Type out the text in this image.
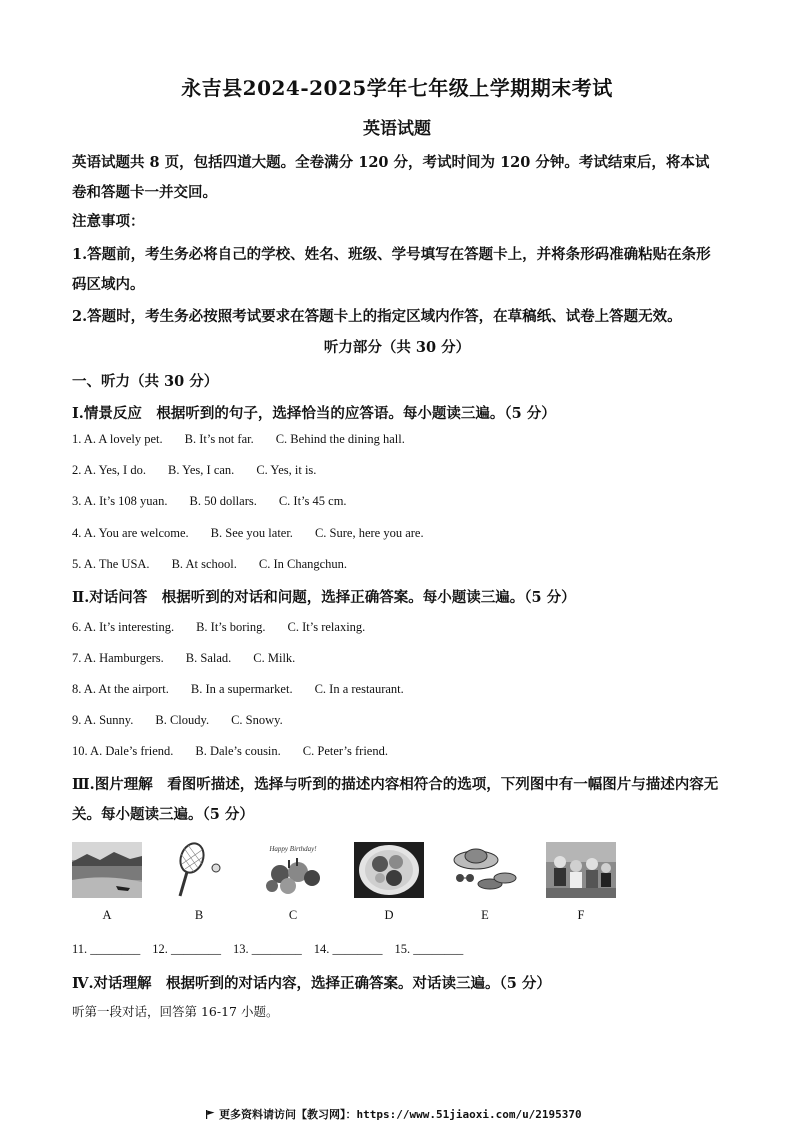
永吉县2024-2025学年七年级上学期期末考试
英语试题
英语试题共 8 页，包括四道大题。全卷满分 120 分，考试时间为 120 分钟。考试结束后，将本试卷和答题卡一并交回。
注意事项：
1.答题前，考生务必将自己的学校、姓名、班级、学号填写在答题卡上，并将条形码准确粘贴在条形码区域内。
2.答题时，考生务必按照考试要求在答题卡上的指定区域内作答，在草稿纸、试卷上答题无效。
听力部分（共 30 分）
一、听力（共 30 分）
Ⅰ.情景反应　根据听到的句子，选择恰当的应答语。每小题读三遍。（5 分）
1. A. A lovely pet. B. It’s not far. C. Behind the dining hall.
2. A. Yes, I do. B. Yes, I can. C. Yes, it is.
3. A. It’s 108 yuan. B. 50 dollars. C. It’s 45 cm.
4. A. You are welcome. B. See you later. C. Sure, here you are.
5. A. The USA. B. At school. C. In Changchun.
Ⅱ.对话问答　根据听到的对话和问题，选择正确答案。每小题读三遍。（5 分）
6. A. It’s interesting. B. It’s boring. C. It’s relaxing.
7. A. Hamburgers. B. Salad. C. Milk.
8. A. At the airport. B. In a supermarket. C. In a restaurant.
9. A. Sunny. B. Cloudy. C. Snowy.
10. A. Dale’s friend. B. Dale’s cousin. C. Peter’s friend.
Ⅲ.图片理解　看图听描述，选择与听到的描述内容相符合的选项，下列图中有一幅图片与描述内容无关。每小题读三遍。（5 分）
A	B
Happy Birthday!
C	D	E	F
11. ________ 12. ________ 13. ________ 14. ________ 15. ________
Ⅳ.对话理解　根据听到的对话内容，选择正确答案。对话读三遍。（5 分）
听第一段对话，回答第 16-17 小题。
更多资料请访问【教习网】：https://www.51jiaoxi.com/u/2195370
